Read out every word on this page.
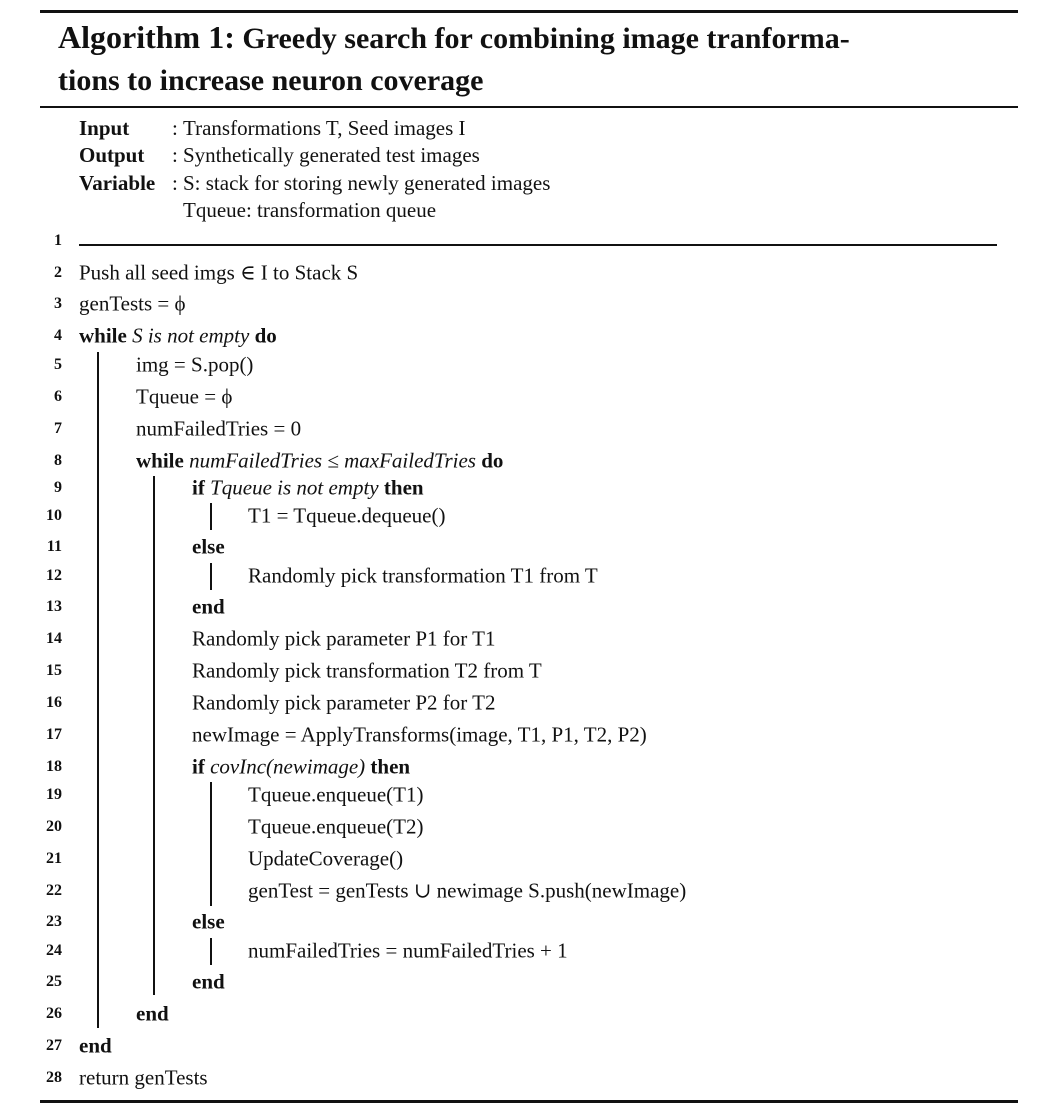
Algorithm 1: Greedy search for combining image tranforma-
tions to increase neuron coverage
Input : Transformations T, Seed images I
Output : Synthetically generated test images
Variable : S: stack for storing newly generated images
Tqueue: transformation queue
1
2
3
4
5
6
7
8
9
10
11
12
13
14
15
16
17
18
19
20
21
22
23
24
25
26
27
28
Push all seed imgs ∈ I to Stack S
genTests = ϕ
while S is not empty do
img = S.pop()
Tqueue = ϕ
numFailedTries = 0
while numFailedTries ≤ maxFailedTries do
if Tqueue is not empty then
T1 = Tqueue.dequeue()
else
Randomly pick transformation T1 from T
end
Randomly pick parameter P1 for T1
Randomly pick transformation T2 from T
Randomly pick parameter P2 for T2
newImage = ApplyTransforms(image, T1, P1, T2, P2)
if covInc(newimage) then
Tqueue.enqueue(T1)
Tqueue.enqueue(T2)
UpdateCoverage()
genTest = genTests ∪ newimage S.push(newImage)
else
numFailedTries = numFailedTries + 1
end
end
end
return genTests
